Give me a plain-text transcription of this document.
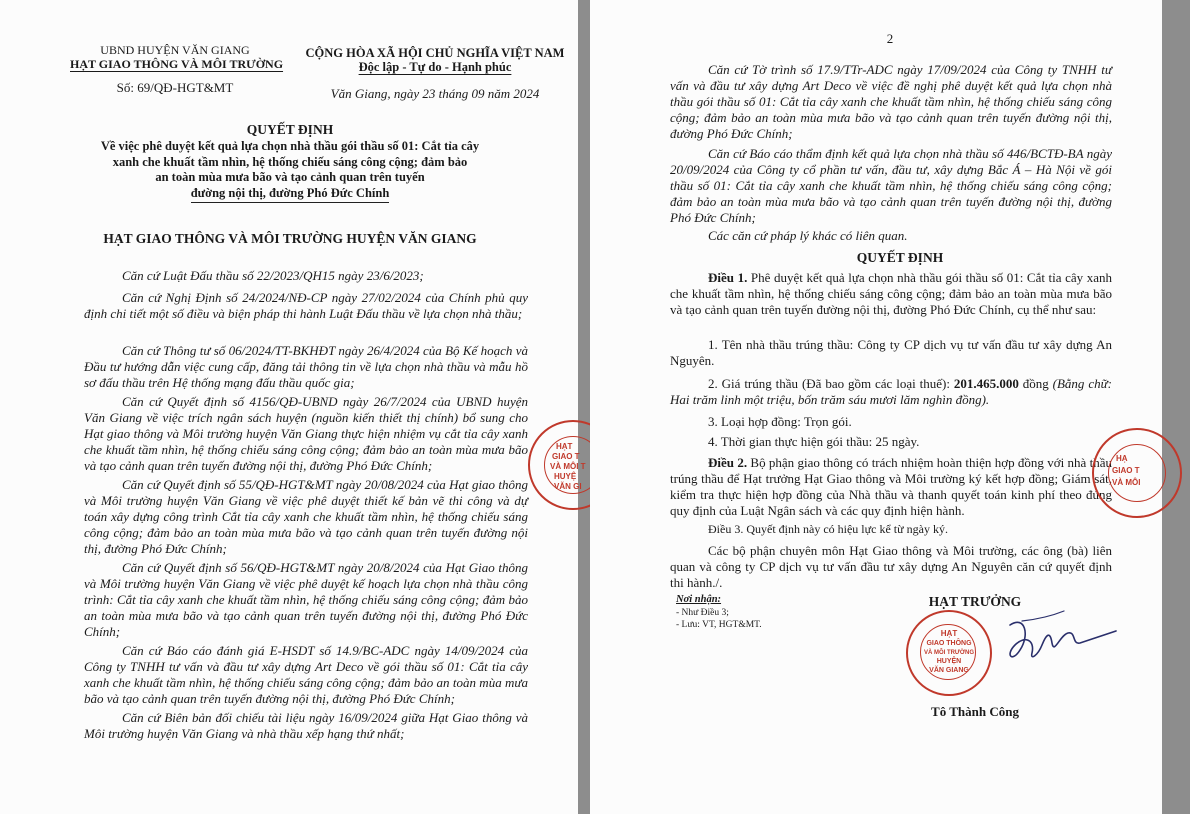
UBND HUYỆN VĂN GIANG
HẠT GIAO THÔNG VÀ MÔI TRƯỜNG
Số: 69/QĐ-HGT&MT
CỘNG HÒA XÃ HỘI CHỦ NGHĨA VIỆT NAM
Độc lập - Tự do - Hạnh phúc
Văn Giang, ngày 23 tháng 09 năm 2024
QUYẾT ĐỊNH
Về việc phê duyệt kết quả lựa chọn nhà thầu gói thầu số 01: Cắt tỉa cây
xanh che khuất tầm nhìn, hệ thống chiếu sáng công cộng; đảm bảo
an toàn mùa mưa bão và tạo cảnh quan trên tuyến
đường nội thị, đường Phó Đức Chính
HẠT GIAO THÔNG VÀ MÔI TRƯỜNG HUYỆN VĂN GIANG
Căn cứ Luật Đấu thầu số 22/2023/QH15 ngày 23/6/2023;
Căn cứ Nghị Định số 24/2024/NĐ-CP ngày 27/02/2024 của Chính phủ quy định chi tiết một số điều và biện pháp thi hành Luật Đấu thầu về lựa chọn nhà thầu;
Căn cứ Thông tư số 06/2024/TT-BKHĐT ngày 26/4/2024 của Bộ Kế hoạch và Đầu tư hướng dẫn việc cung cấp, đăng tải thông tin về lựa chọn nhà thầu và mẫu hồ sơ đấu thầu trên Hệ thống mạng đấu thầu quốc gia;
Căn cứ Quyết định số 4156/QĐ-UBND ngày 26/7/2024 của UBND huyện Văn Giang về việc trích ngân sách huyện (nguồn kiến thiết thị chính) bổ sung cho Hạt giao thông và Môi trường huyện Văn Giang thực hiện nhiệm vụ cắt tỉa cây xanh che khuất tầm nhìn, hệ thống chiếu sáng công cộng; đảm bảo an toàn mùa mưa bão và tạo cảnh quan trên tuyến đường nội thị, đường Phó Đức Chính;
Căn cứ Quyết định số 55/QĐ-HGT&MT ngày 20/08/2024 của Hạt giao thông và Môi trường huyện Văn Giang về việc phê duyệt thiết kế bản vẽ thi công và dự toán xây dựng công trình Cắt tỉa cây xanh che khuất tầm nhìn, hệ thống chiếu sáng công cộng; đảm bảo an toàn mùa mưa bão và tạo cảnh quan trên tuyến đường nội thị, đường Phó Đức Chính;
Căn cứ Quyết định số 56/QĐ-HGT&MT ngày 20/8/2024 của Hạt Giao thông và Môi trường huyện Văn Giang về việc phê duyệt kế hoạch lựa chọn nhà thầu công trình: Cắt tỉa cây xanh che khuất tầm nhìn, hệ thống chiếu sáng công cộng; đảm bảo an toàn mùa mưa bão và tạo cảnh quan trên tuyến đường nội thị, đường Phó Đức Chính;
Căn cứ Báo cáo đánh giá E-HSDT số 14.9/BC-ADC ngày 14/09/2024 của Công ty TNHH tư vấn và đầu tư xây dựng Art Deco về gói thầu số 01: Cắt tỉa cây xanh che khuất tầm nhìn, hệ thống chiếu sáng công cộng; đảm bảo an toàn mùa mưa bão và tạo cảnh quan trên tuyến đường nội thị, đường Phó Đức Chính;
Căn cứ Biên bản đối chiếu tài liệu ngày 16/09/2024 giữa Hạt Giao thông và Môi trường huyện Văn Giang và nhà thầu xếp hạng thứ nhất;
HẠT
GIAO T
VÀ MÔI T
HUYỆ
VĂN GI
2
Căn cứ Tờ trình số 17.9/TTr-ADC ngày 17/09/2024 của Công ty TNHH tư vấn và đầu tư xây dựng Art Deco về việc đề nghị phê duyệt kết quả lựa chọn nhà thầu gói thầu số 01: Cắt tỉa cây xanh che khuất tầm nhìn, hệ thống chiếu sáng công cộng; đảm bảo an toàn mùa mưa bão và tạo cảnh quan trên tuyến đường nội thị, đường Phó Đức Chính;
Căn cứ Báo cáo thẩm định kết quả lựa chọn nhà thầu số 446/BCTĐ-BA ngày 20/09/2024 của Công ty cổ phần tư vấn, đầu tư, xây dựng Bắc Á – Hà Nội về gói thầu số 01: Cắt tỉa cây xanh che khuất tầm nhìn, hệ thống chiếu sáng công cộng; đảm bảo an toàn mùa mưa bão và tạo cảnh quan trên tuyến đường nội thị, đường Phó Đức Chính;
Các căn cứ pháp lý khác có liên quan.
QUYẾT ĐỊNH
Điều 1. Phê duyệt kết quả lựa chọn nhà thầu gói thầu số 01: Cắt tỉa cây xanh che khuất tầm nhìn, hệ thống chiếu sáng công cộng; đảm bảo an toàn mùa mưa bão và tạo cảnh quan trên tuyến đường nội thị, đường Phó Đức Chính, cụ thể như sau:
1. Tên nhà thầu trúng thầu: Công ty CP dịch vụ tư vấn đầu tư xây dựng An Nguyên.
2. Giá trúng thầu (Đã bao gồm các loại thuế): 201.465.000 đồng (Bằng chữ: Hai trăm linh một triệu, bốn trăm sáu mươi lăm nghìn đồng).
3. Loại hợp đồng: Trọn gói.
4. Thời gian thực hiện gói thầu: 25 ngày.
Điều 2. Bộ phận giao thông có trách nhiệm hoàn thiện hợp đồng với nhà thầu trúng thầu để Hạt trưởng Hạt Giao thông và Môi trường ký kết hợp đồng; Giám sát, kiểm tra thực hiện hợp đồng của Nhà thầu và thanh quyết toán kinh phí theo đúng quy định của Luật Ngân sách và các quy định hiện hành.
Điều 3. Quyết định này có hiệu lực kể từ ngày ký.
Các bộ phận chuyên môn Hạt Giao thông và Môi trường, các ông (bà) liên quan và công ty CP dịch vụ tư vấn đầu tư xây dựng An Nguyên căn cứ quyết định thi hành./.
Nơi nhận:
- Như Điều 3;
- Lưu: VT, HGT&MT.
HẠT TRƯỞNG
HẠT
GIAO THÔNG
VÀ MÔI TRƯỜNG
HUYỆN
VĂN GIANG
Tô Thành Công
HẠ
GIAO T
VÀ MÔI
